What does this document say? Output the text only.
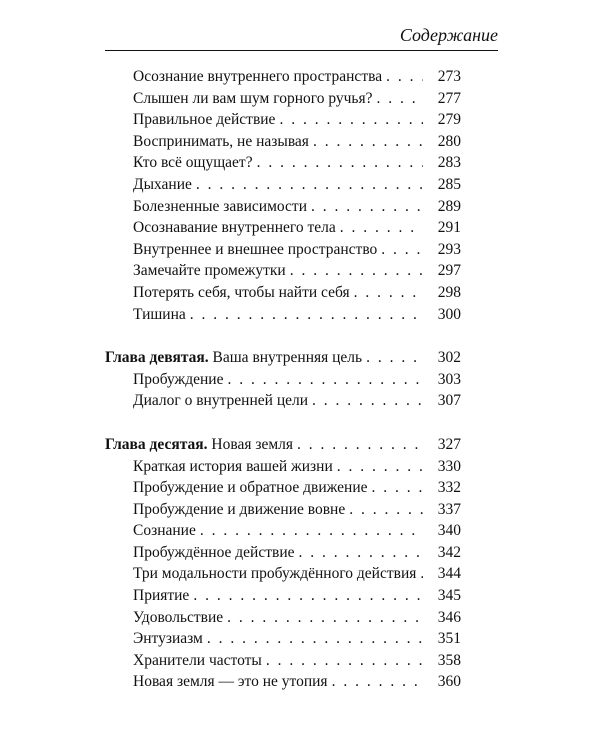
Содержание
Осознание внутреннего пространства . . .	273
Слышен ли вам шум горного ручья? . . .	277
Правильное действие . . .	279
Воспринимать, не называя . . .	280
Кто всё ощущает? . . .	283
Дыхание . . .	285
Болезненные зависимости . . .	289
Осознавание внутреннего тела . . .	291
Внутреннее и внешнее пространство . . .	293
Замечайте промежутки . . .	297
Потерять себя, чтобы найти себя . . .	298
Тишина . . .	300
Глава девятая. Ваша внутренняя цель . . .	302
Пробуждение . . .	303
Диалог о внутренней цели . . .	307
Глава десятая. Новая земля . . .	327
Краткая история вашей жизни . . .	330
Пробуждение и обратное движение . . .	332
Пробуждение и движение вовне . . .	337
Сознание . . .	340
Пробуждённое действие . . .	342
Три модальности пробуждённого действия . . .	344
Приятие . . .	345
Удовольствие . . .	346
Энтузиазм . . .	351
Хранители частоты . . .	358
Новая земля — это не утопия . . .	360
